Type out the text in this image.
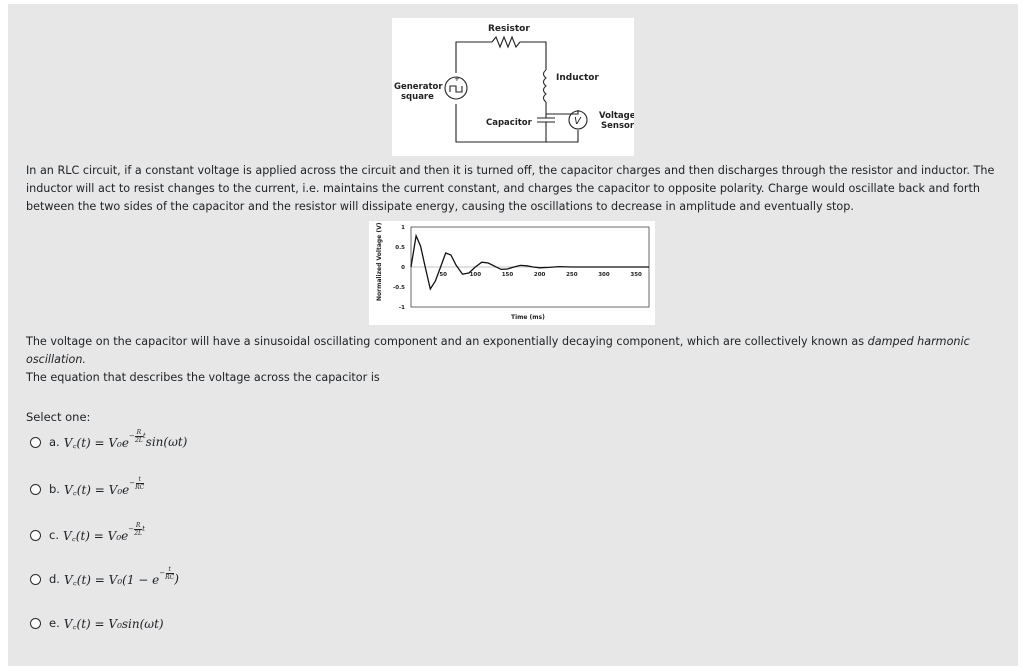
+
V
Resistor
Inductor
Generator
square
Capacitor
Voltage
Sensor
In an RLC circuit, if a constant voltage is applied across the circuit and then it is turned off, the capacitor charges and then discharges through the resistor and inductor. The inductor will act to resist changes to the current, i.e. maintains the current constant, and charges the capacitor to opposite polarity. Charge would oscillate back and forth between the two sides of the capacitor and the resistor will dissipate energy, causing the oscillations to decrease in amplitude and eventually stop.
1
0.5
0
-0.5
-1
50	100	150	200	250	300	350
Normalized Voltage (V)
Time (ms)
The voltage on the capacitor will have a sinusoidal oscillating component and an exponentially decaying component, which are collectively known as damped harmonic oscillation.
The equation that describes the voltage across the capacitor is
Select one:
a. V꜀(t) = $V_0e - \frac{R}{2L}$ t sin(ωt)
b. V꜀(t) = $V_0e - \frac{t}{RC}$
c. V꜀(t) = $V_0e - \frac{R}{2L}$ t
d. V꜀(t) = $V_0(1 - e - \frac{t}{RC}$ )
e. V꜀(t) = V₀sin(ωt)
